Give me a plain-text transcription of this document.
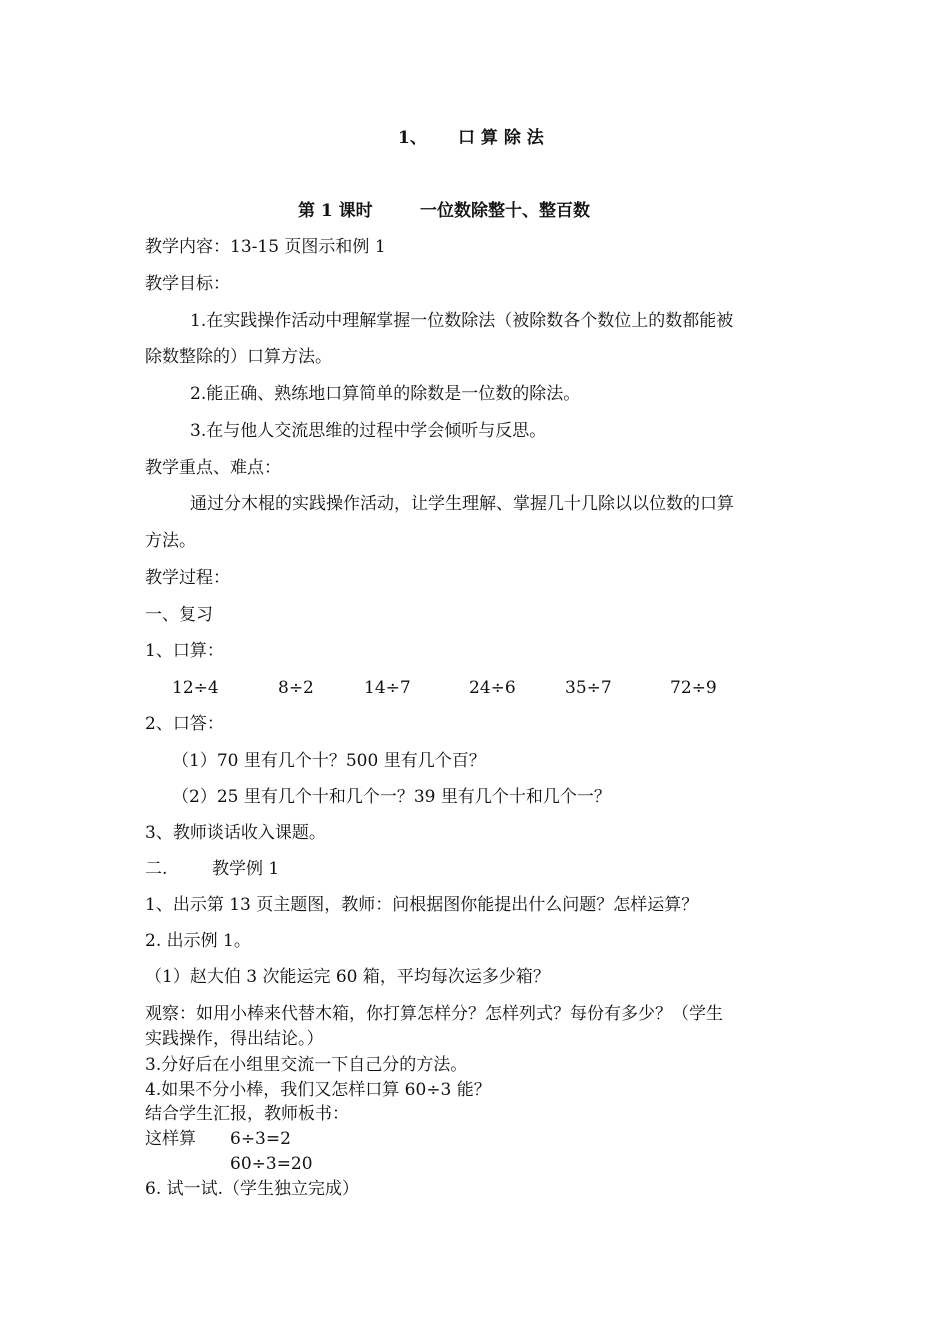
1、 口 算 除 法
第 1 课时	一位数除整十、整百数
教学内容：13-15 页图示和例 1
教学目标：
1.在实践操作活动中理解掌握一位数除法（被除数各个数位上的数都能被
除数整除的）口算方法。
2.能正确、熟练地口算简单的除数是一位数的除法。
3.在与他人交流思维的过程中学会倾听与反思。
教学重点、难点：
通过分木棍的实践操作活动，让学生理解、掌握几十几除以以位数的口算
方法。
教学过程：
一、复习
1、口算：
12÷4	8÷2	14÷7	24÷6	35÷7	72÷9
2、口答：
（1）70 里有几个十？500 里有几个百？
（2）25 里有几个十和几个一？39 里有几个十和几个一？
3、教师谈话收入课题。
二.	教学例 1
1、出示第 13 页主题图，教师：问根据图你能提出什么问题？怎样运算？
2. 出示例 1。
（1）赵大伯 3 次能运完 60 箱，平均每次运多少箱？
观察：如用小棒来代替木箱，你打算怎样分？怎样列式？每份有多少？（学生
实践操作，得出结论。）
3.分好后在小组里交流一下自己分的方法。
4.如果不分小棒，我们又怎样口算 60÷3 能？
结合学生汇报，教师板书：
这样算 6÷3=2
60÷3=20
6. 试一试.（学生独立完成）
